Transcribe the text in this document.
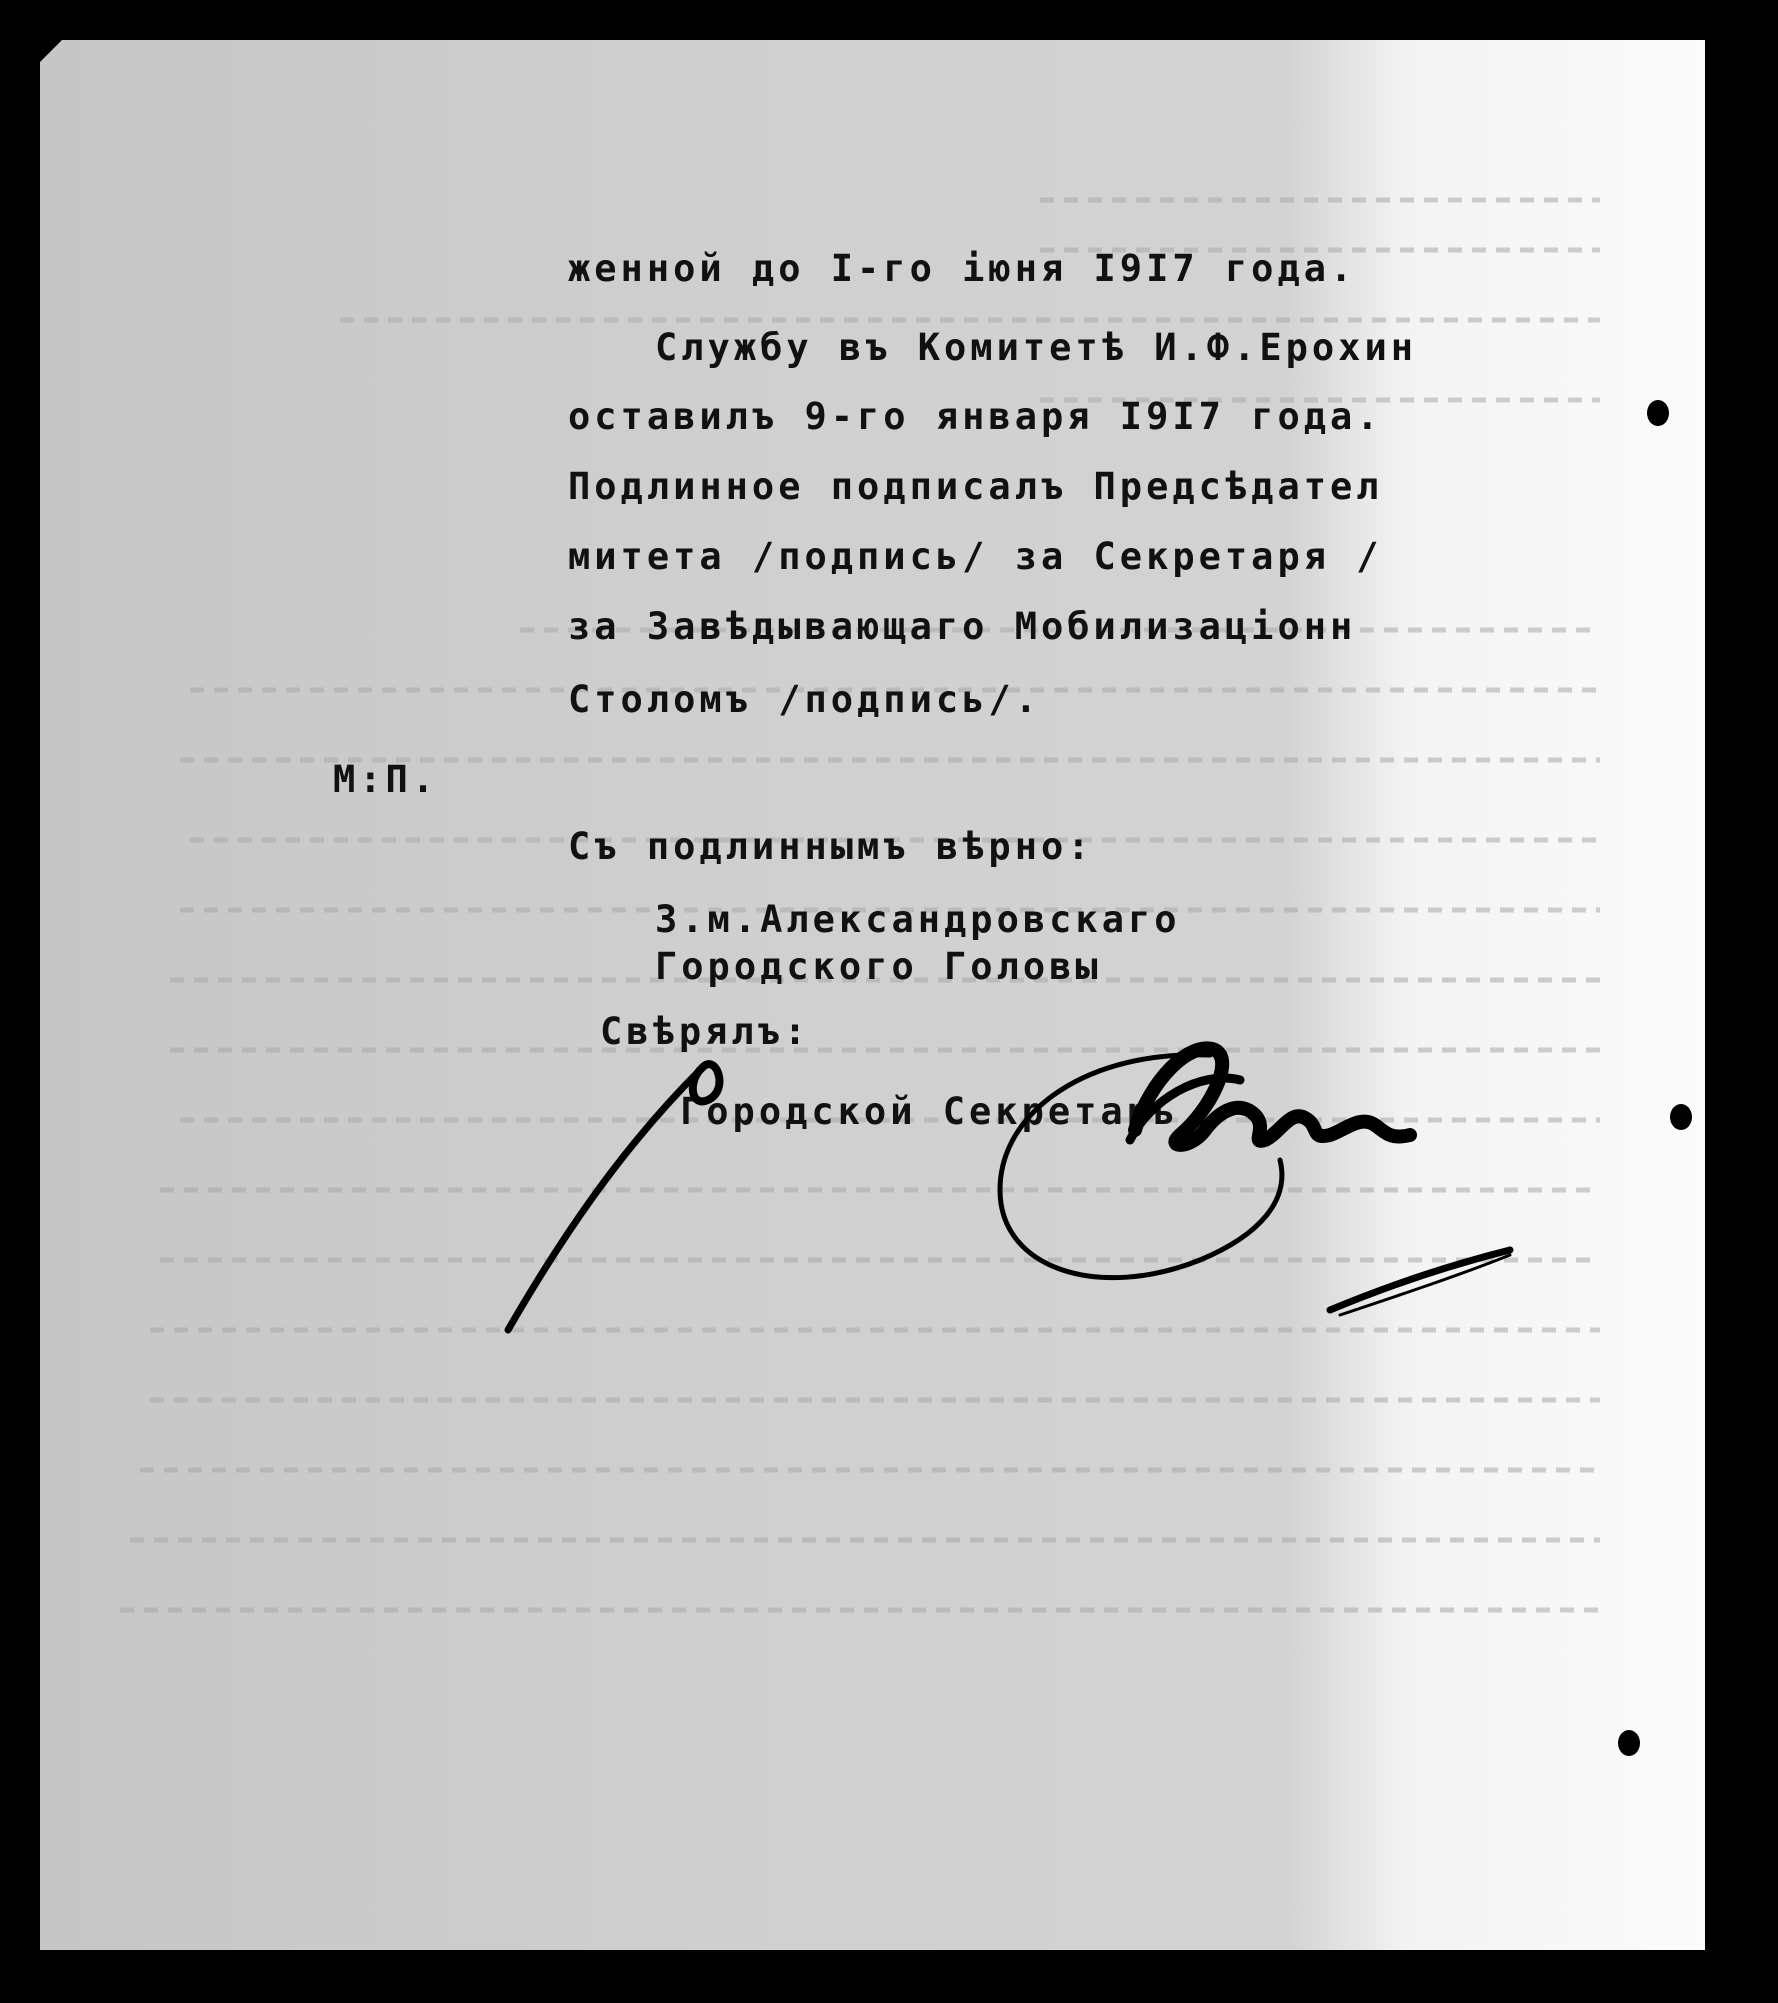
женной до I-го іюня I9I7 года.
Службу въ Комитетѣ И.Ф.Ерохин
оставилъ 9-го января I9I7 года.
Подлинное подписалъ Предсѣдател
митета /подпись/ за Секретаря /
за Завѣдывающаго Мобилизаціонн
Столомъ /подпись/.
М:П.
Съ подлиннымъ вѣрно:
З.м.Александровскаго
Городского Головы
Свѣрялъ:
Городской Секретарь
